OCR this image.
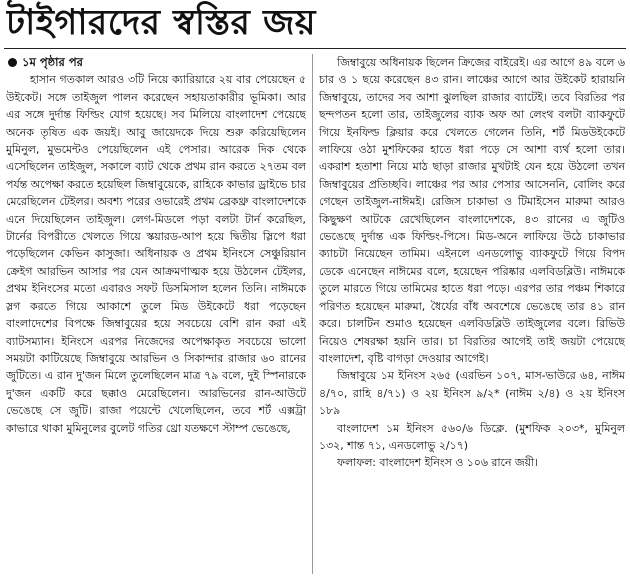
টাইগারদের স্বস্তির জয়
১ম পৃষ্ঠার পর
হাসান গতকাল আরও ৩টি নিয়ে ক্যারিয়ারে ২য় বার পেয়েছেন ৫ উইকেট। সঙ্গে তাইজুল পালন করেছেন সহায়তাকারীর ভূমিকা। আর এর সঙ্গে দুর্দান্ত ফিল্ডিং যোগ হয়েছে। সব মিলিয়ে বাংলাদেশ পেয়েছে অনেক তৃষিত এক জয়ই। আবু জায়েদকে দিয়ে শুরু করিয়েছিলেন মুমিনুল, মুভমেন্টও পেয়েছিলেন এই পেসার। আরেক দিক থেকে এসেছিলেন তাইজুল, সকালে ব্যাট থেকে প্রথম রান করতে ২৭তম বল পর্যন্ত অপেক্ষা করতে হয়েছিল জিম্বাবুয়েকে, রাহিকে কাভার ড্রাইভে চার মেরেছিলেন টেইলর। অবশ্য পরের ওভারেই প্রথম ব্রেকথ্রু বাংলাদেশকে এনে দিয়েছিলেন তাইজুল। লেগ-মিডলে পড়া বলটা টার্ন করেছিল, টার্নের বিপরীতে খেলতে গিয়ে স্কয়ারড-আপ হয়ে দ্বিতীয় স্লিপে ধরা পড়েছিলেন কেভিন কাসুজা। অধিনায়ক ও প্রথম ইনিংসে সেঞ্চুরিয়ান ক্রেইগ আরভিন আসার পর যেন আক্রমণাত্মক হয়ে উঠলেন টেইলর, প্রথম ইনিংসের মতো এবারও সফট ডিসমিসাল হলেন তিনি। নাঈমকে স্লগ করতে গিয়ে আকাশে তুলে মিড উইকেটে ধরা পড়েছেন বাংলাদেশের বিপক্ষে জিম্বাবুয়ের হয়ে সবচেয়ে বেশি রান করা এই ব্যাটসম্যান। ইনিংসে এরপর নিজেদের অপেক্ষাকৃত সবচেয়ে ভালো সময়টা কাটিয়েছে জিম্বাবুয়ে আরভিন ও সিকান্দার রাজার ৬০ রানের জুটিতে। এ রান দু'জন মিলে তুলেছিলেন মাত্র ৭৯ বলে, দুই স্পিনারকে দু'জন একটি করে ছক্কাও মেরেছিলেন। আরভিনের রান-আউটে ভেঙেছে সে জুটি। রাজা পয়েন্টে খেলেছিলেন, তবে শর্ট এক্সট্রা কাভারে থাকা মুমিনুলের বুলেট গতির থ্রো যতক্ষণে স্টাম্প ভেঙেছে,
জিম্বাবুয়ে অধিনায়ক ছিলেন ক্রিজের বাইরেই। এর আগে ৪৯ বলে ৬ চার ও ১ ছয়ে করেছেন ৪৩ রান। লাঞ্চের আগে আর উইকেট হারায়নি জিম্বাবুয়ে, তাদের সব আশা ঝুলছিল রাজার ব্যাটেই। তবে বিরতির পর ছন্দপতন হলো তার, তাইজুলের ব্যাক অফ আ লেংথ বলটা ব্যাকফুটে গিয়ে ইনফিল্ড ক্লিয়ার করে খেলতে গেলেন তিনি, শর্ট মিডউইকেটে লাফিয়ে ওঠা মুশফিকের হাতে ধরা পড়ে সে আশা ব্যর্থ হলো তার। একরাশ হতাশা নিয়ে মাঠ ছাড়া রাজার মুখটাই যেন হয়ে উঠলো তখন জিম্বাবুয়ের প্রতিচ্ছবি। লাঞ্চের পর আর পেসার আসেননি, বোলিং করে গেছেন তাইজুল-নাঈমই। রেজিস চাকাভা ও টিমাইসেন মারুমা আরও কিছুক্ষণ আটকে রেখেছিলেন বাংলাদেশকে, ৪৩ রানের এ জুটিও ভেঙেছে দুর্দান্ত এক ফিল্ডিং-পিসে। মিড-অনে লাফিয়ে উঠে চাকাভার ক্যাচটা নিয়েছেন তামিম। এইনলে এনডলোভু ব্যাকফুটে গিয়ে বিপদ ডেকে এনেছেন নাঈমের বলে, হয়েছেন পরিষ্কার এলবিডব্লিউ। নাঈমকে তুলে মারতে গিয়ে তামিমের হাতে ধরা পড়ে। এরপর তার পঞ্চম শিকারে পরিণত হয়েছেন মারুমা, ধৈর্যের বাঁধ অবশেষে ভেঙেছে তার ৪১ রান করে। চালটিন শুমাও হয়েছেন এলবিডব্লিউ তাইজুলের বলে। রিভিউ নিয়েও শেষরক্ষা হয়নি তার। চা বিরতির আগেই তাই জয়টা পেয়েছে বাংলাদেশ, বৃষ্টি বাগড়া দেওয়ার আগেই।
জিম্বাবুয়ে ১ম ইনিংস ২৬৫ (এরভিন ১০৭, মাস-ভাউরে ৬৪, নাঈম ৪/৭০, রাহি ৪/৭১) ও ২য় ইনিংস ৯/২* (নাঈম ২/৪) ও ২য় ইনিংস ১৮৯
বাংলাদেশ ১ম ইনিংস ৫৬০/৬ ডিক্লে. (মুশফিক ২০৩*, মুমিনুল ১৩২, শান্ত ৭১, এনডলোভু ২/১৭)
ফলাফল: বাংলাদেশ ইনিংস ও ১০৬ রানে জয়ী।
